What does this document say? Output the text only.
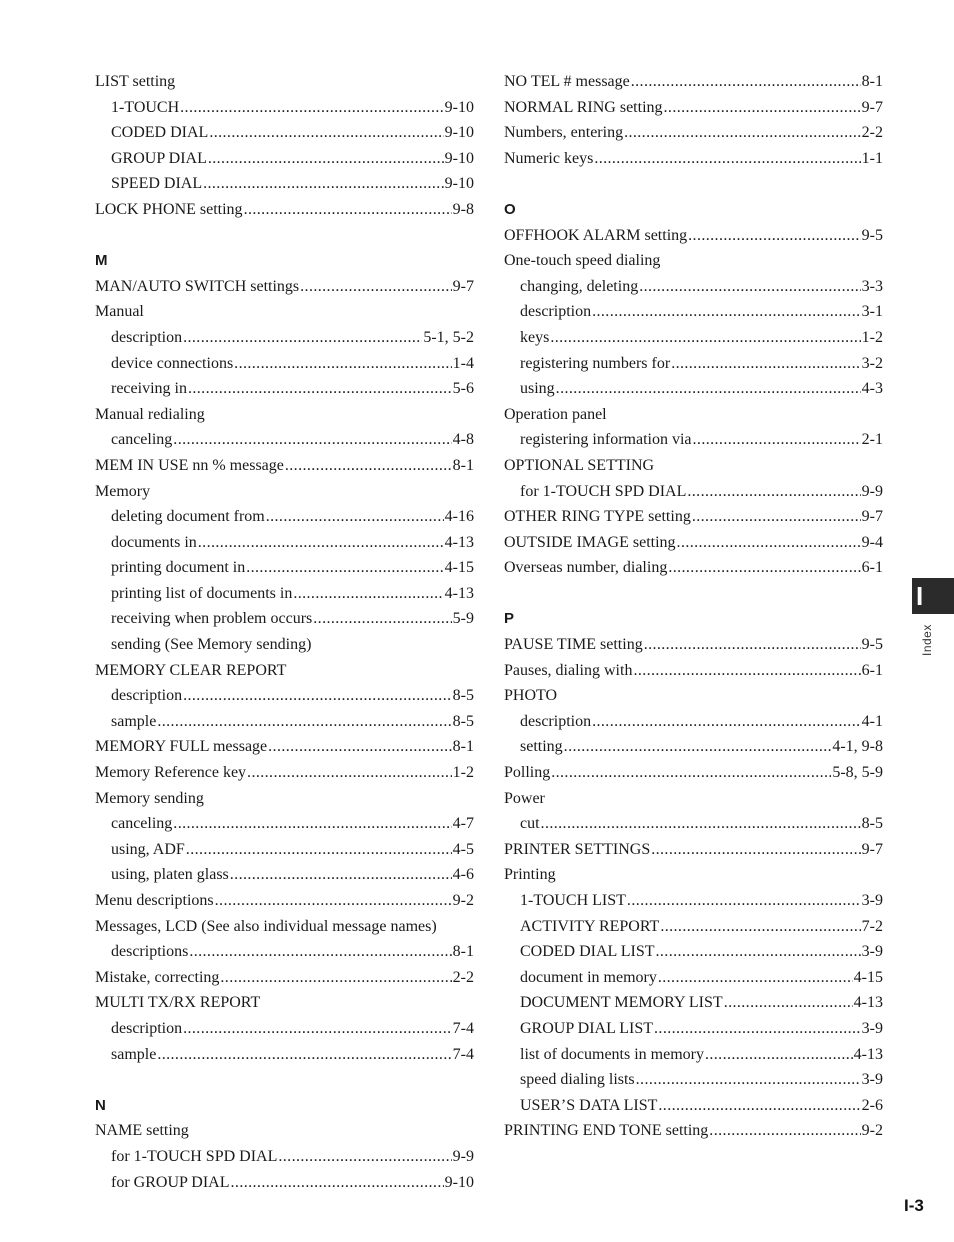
LIST setting
1-TOUCH .....	9-10
CODED DIAL .....	9-10
GROUP DIAL .....	9-10
SPEED DIAL .....	9-10
LOCK PHONE setting .....	9-8
M
MAN/AUTO SWITCH settings .....	9-7
Manual
description .....	5-1, 5-2
device connections .....	1-4
receiving in .....	5-6
Manual redialing
canceling .....	4-8
MEM IN USE nn % message .....	8-1
Memory
deleting document from .....	4-16
documents in .....	4-13
printing document in .....	4-15
printing list of documents in .....	4-13
receiving when problem occurs .....	5-9
sending (See Memory sending)
MEMORY CLEAR REPORT
description .....	8-5
sample .....	8-5
MEMORY FULL message .....	8-1
Memory Reference key .....	1-2
Memory sending
canceling .....	4-7
using, ADF .....	4-5
using, platen glass .....	4-6
Menu descriptions .....	9-2
Messages, LCD (See also individual message names)
descriptions .....	8-1
Mistake, correcting .....	2-2
MULTI TX/RX REPORT
description .....	7-4
sample .....	7-4
N
NAME setting
for 1-TOUCH SPD DIAL .....	9-9
for GROUP DIAL .....	9-10
NO TEL # message .....	8-1
NORMAL RING setting .....	9-7
Numbers, entering .....	2-2
Numeric keys .....	1-1
O
OFFHOOK ALARM setting .....	9-5
One-touch speed dialing
changing, deleting .....	3-3
description .....	3-1
keys .....	1-2
registering numbers for .....	3-2
using .....	4-3
Operation panel
registering information via .....	2-1
OPTIONAL SETTING
for 1-TOUCH SPD DIAL .....	9-9
OTHER RING TYPE setting .....	9-7
OUTSIDE IMAGE setting .....	9-4
Overseas number, dialing .....	6-1
P
PAUSE TIME setting .....	9-5
Pauses, dialing with .....	6-1
PHOTO
description .....	4-1
setting .....	4-1, 9-8
Polling .....	5-8, 5-9
Power
cut .....	8-5
PRINTER SETTINGS .....	9-7
Printing
1-TOUCH LIST .....	3-9
ACTIVITY REPORT .....	7-2
CODED DIAL LIST .....	3-9
document in memory .....	4-15
DOCUMENT MEMORY LIST .....	4-13
GROUP DIAL LIST .....	3-9
list of documents in memory .....	4-13
speed dialing lists .....	3-9
USER’S DATA LIST .....	2-6
PRINTING END TONE setting .....	9-2
I
Index
I-3
